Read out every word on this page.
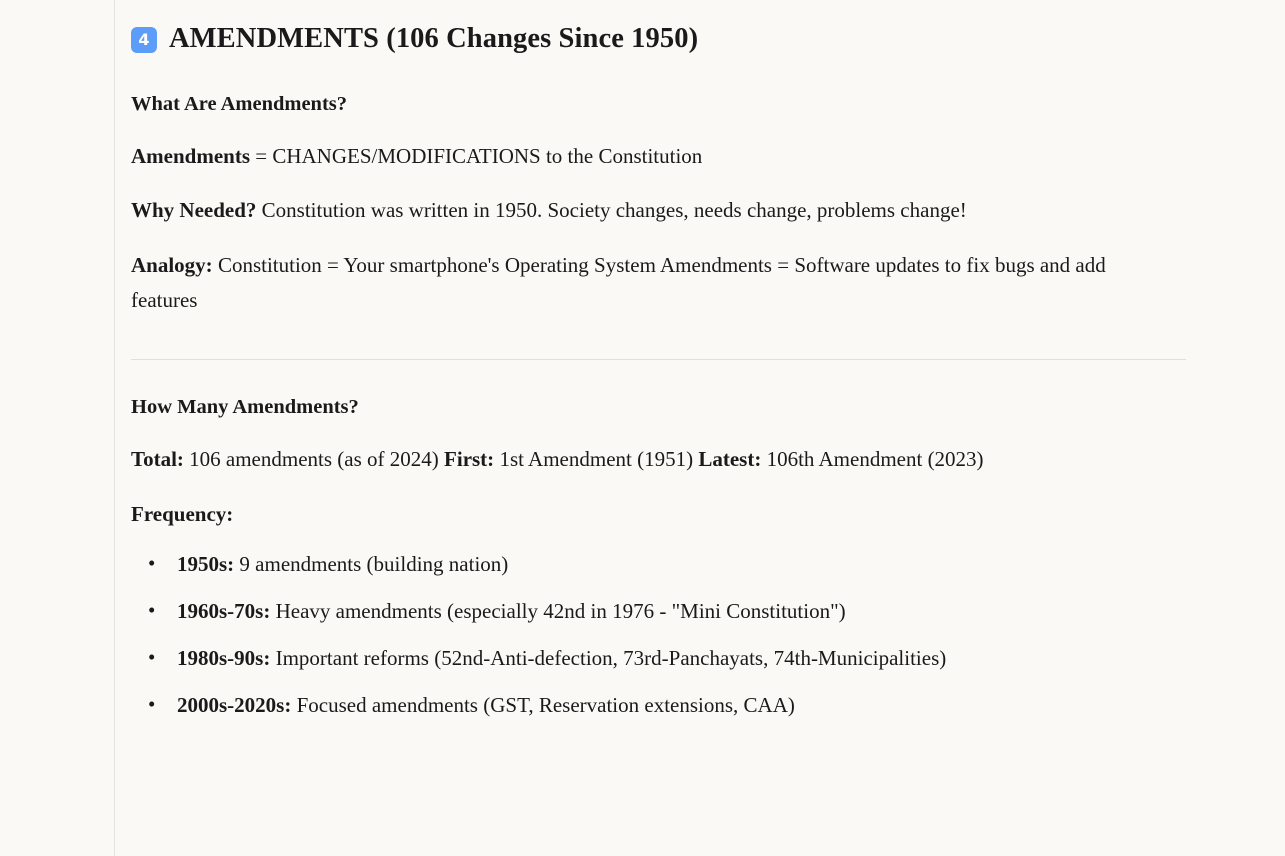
4 AMENDMENTS (106 Changes Since 1950)
What Are Amendments?

Amendments = CHANGES/MODIFICATIONS to the Constitution

Why Needed? Constitution was written in 1950. Society changes, needs change, problems change!

Analogy: Constitution = Your smartphone's Operating System Amendments = Software updates to fix bugs and add features

How Many Amendments?

Total: 106 amendments (as of 2024) First: 1st Amendment (1951) Latest: 106th Amendment (2023)

Frequency:

• 1950s: 9 amendments (building nation)
• 1960s-70s: Heavy amendments (especially 42nd in 1976 - "Mini Constitution")
• 1980s-90s: Important reforms (52nd-Anti-defection, 73rd-Panchayats, 74th-Municipalities)
• 2000s-2020s: Focused amendments (GST, Reservation extensions, CAA)
